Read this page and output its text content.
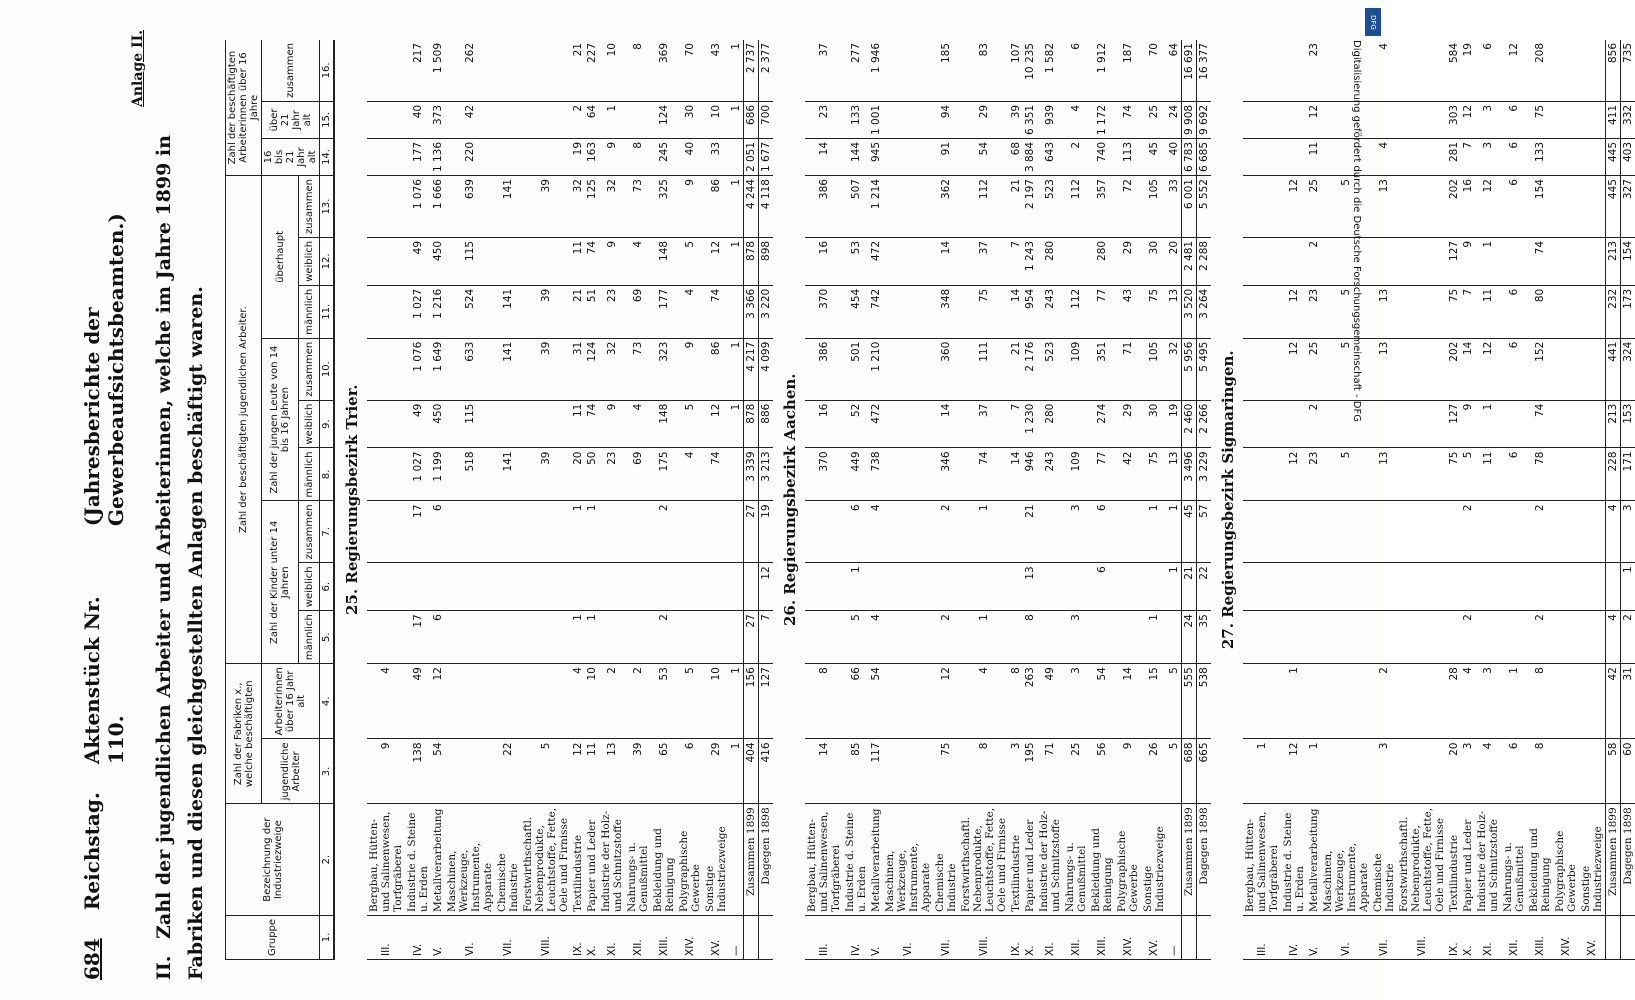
684
Reichstag.
Aktenstück Nr. 110.
(Jahresberichte der Gewerbeaufsichtsbeamten.)
Anlage II.
II. Zahl der jugendlichen Arbeiter und Arbeiterinnen, welche im Jahre 1899 in Fabriken und diesen gleichgestellten Anlagen beschäftigt waren.	Gruppe	Bezeichnung der Industriezweige	Zahl der Fabriken x., welche beschäftigten		Zahl der beschäftigten jugendlichen Arbeiter.									Zahl der beschäftigten Arbeiterinnen über 16 Jahre		
		jugendliche Arbeiter	Arbeiterinnen über 16 Jahr alt	Zahl der Kinder unter 14 Jahren			Zahl der jungen Leute von 14 bis 16 Jahren			überhaupt			16 bis 21 Jahr alt	über 21 Jahr alt	zusammen
				männlich	weiblich	zusammen	männlich	weiblich	zusammen	männlich	weiblich	zusammen			
1.	2.	3.	4.	5.	6.	7.	8.	9.	10.	11.	12.	13.	14.	15.	16.
25. Regierungsbezirk Trier.															
III.	Bergbau, Hütten- und Salinenwesen, Torfgräberei	9	4												
IV.	Industrie d. Steine u. Erden	138	49	17		17	1 027	49	1 076	1 027	49	1 076	177	40	217
V.	Metallverarbeitung	54	12	6		6	1 199	450	1 649	1 216	450	1 666	1 136	373	1 509
VI.	Maschinen, Werkzeuge, Instrumente, Apparate						518	115	633	524	115	639	220	42	262
VII.	Chemische Industrie	22					141		141	141		141			
VIII.	Forstwirthschaftl. Nebenprodukte, Leuchtstoffe, Fette, Oele und Firnisse	5					39		39	39		39			
IX.	Textilindustrie	12	4	1		1	20	11	31	21	11	32	19	2	21
X.	Papier und Leder	11	10	1		1	50	74	124	51	74	125	163	64	227
XI.	Industrie der Holz- und Schnitzstoffe	13	2				23	9	32	23	9	32	9	1	10
XII.	Nahrungs- u. Genußmittel	39	2				69	4	73	69	4	73	8		8
XIII.	Bekleidung und Reinigung	65	53	2		2	175	148	323	177	148	325	245	124	369
XIV.	Polygraphische Gewerbe	6	5				4	5	9	4	5	9	40	30	70
XV.	Sonstige Industriezweige	29	10				74	12	86	74	12	86	33	10	43
—		1	1					1	1		1	1		1	1
	Zusammen 1899	404	156	27		27	3 339	878	4 217	3 366	878	4 244	2 051	686	2 737
	Dagegen 1898	416	127	7	12	19	3 213	886	4 099	3 220	898	4 118	1 677	700	2 377
26. Regierungsbezirk Aachen.															
III.	Bergbau, Hütten- und Salinenwesen, Torfgräberei	14	8				370	16	386	370	16	386	14	23	37
IV.	Industrie d. Steine u. Erden	85	66	5	1	6	449	52	501	454	53	507	144	133	277
V.	Metallverarbeitung	117	54	4		4	738	472	1 210	742	472	1 214	945	1 001	1 946
VI.	Maschinen, Werkzeuge, Instrumente, Apparate														
VII.	Chemische Industrie	75	12	2		2	346	14	360	348	14	362	91	94	185
VIII.	Forstwirthschaftl. Nebenprodukte, Leuchtstoffe, Fette, Oele und Firnisse	8	4	1		1	74	37	111	75	37	112	54	29	83
IX.	Textilindustrie	3	8				14	7	21	14	7	21	68	39	107
X.	Papier und Leder	195	263	8	13	21	946	1 230	2 176	954	1 243	2 197	3 884	6 351	10 235
XI.	Industrie der Holz- und Schnitzstoffe	71	49				243	280	523	243	280	523	643	939	1 582
XII.	Nahrungs- u. Genußmittel	25	3	3		3	109		109	112		112	2	4	6
XIII.	Bekleidung und Reinigung	56	54		6	6	77	274	351	77	280	357	740	1 172	1 912
XIV.	Polygraphische Gewerbe	9	14				42	29	71	43	29	72	113	74	187
XV.	Sonstige Industriezweige	26	15	1		1	75	30	105	75	30	105	45	25	70
—		5	5		1	1	13	19	32	13	20	33	40	24	64
	Zusammen 1899	688	555	24	21	45	3 496	2 460	5 956	3 520	2 481	6 001	6 783	9 908	16 691
	Dagegen 1898	665	538	35	22	57	3 229	2 266	5 495	3 264	2 288	5 552	6 685	9 692	16 377
27. Regierungsbezirk Sigmaringen.															
III.	Bergbau, Hütten- und Salinenwesen, Torfgräberei	1													
IV.	Industrie d. Steine u. Erden	12	1				12		12	12		12			
V.	Metallverarbeitung	1					23	2	25	23	2	25	11	12	23
VI.	Maschinen, Werkzeuge, Instrumente, Apparate						5		5	5		5			
VII.	Chemische Industrie	3	2				13		13	13		13	4		4
VIII.	Forstwirthschaftl. Nebenprodukte, Leuchtstoffe, Fette, Oele und Firnisse														
IX.	Textilindustrie	20	28				75	127	202	75	127	202	281	303	584
X.	Papier und Leder	3	4	2		2	5	9	14	7	9	16	7	12	19
XI.	Industrie der Holz- und Schnitzstoffe	4	3				11	1	12	11	1	12	3	3	6
XII.	Nahrungs- u. Genußmittel	6	1				6		6	6		6	6	6	12
XIII.	Bekleidung und Reinigung	8	8	2		2	78	74	152	80	74	154	133	75	208
XIV.	Polygraphische Gewerbe														
XV.	Sonstige Industriezweige														
	Zusammen 1899	58	42	4		4	228	213	441	232	213	445	445	411	856
	Dagegen 1898	60	31	2	1	3	171	153	324	173	154	327	403	332	735
DFG
Digitalisierung gefördert durch die Deutsche Forschungsgemeinschaft - DFG
